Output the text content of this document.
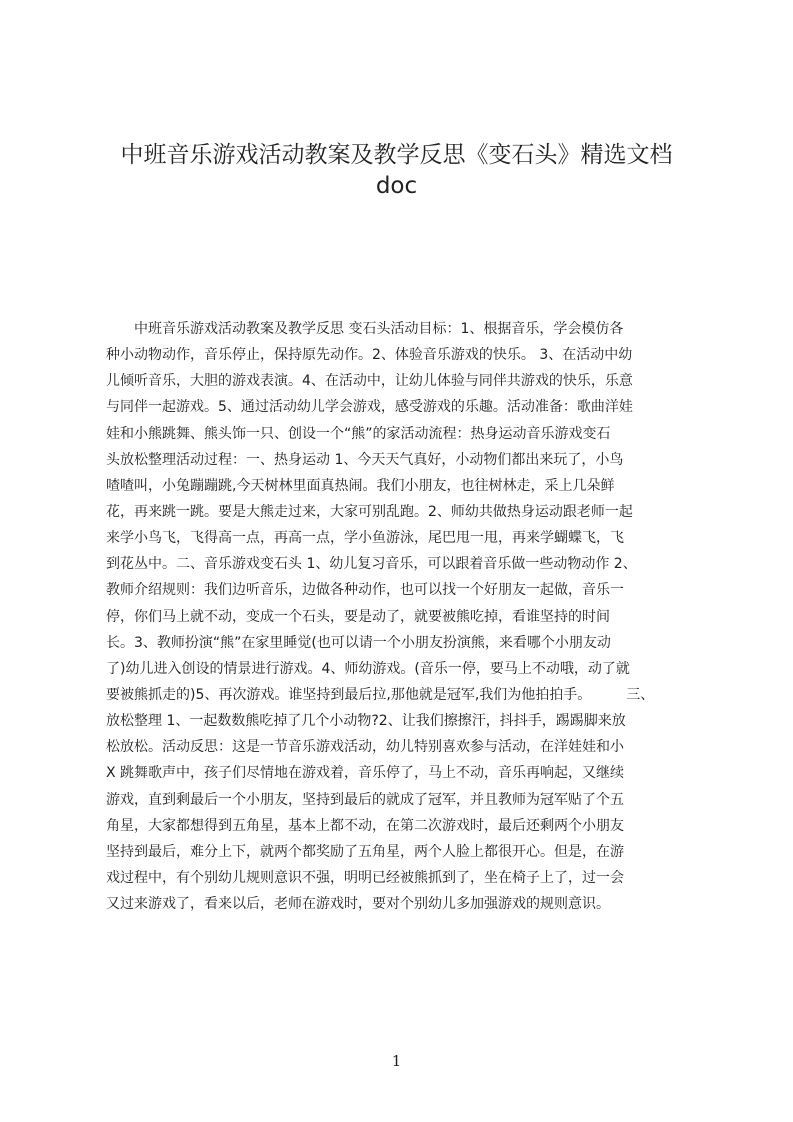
中班音乐游戏活动教案及教学反思《变石头》精选文档
doc
　　中班音乐游戏活动教案及教学反思 变石头活动目标：1、根据音乐，学会模仿各
种小动物动作，音乐停止，保持原先动作。2、体验音乐游戏的快乐。 3、在活动中幼
儿倾听音乐，大胆的游戏表演。4、在活动中，让幼儿体验与同伴共游戏的快乐，乐意
与同伴一起游戏。5、通过活动幼儿学会游戏，感受游戏的乐趣。活动准备：歌曲洋娃
娃和小熊跳舞、熊头饰一只、创设一个“熊”的家活动流程：热身运动音乐游戏变石
头放松整理活动过程：一、热身运动 1、今天天气真好，小动物们都出来玩了，小鸟
喳喳叫，小兔蹦蹦跳,今天树林里面真热闹。我们小朋友，也往树林走，采上几朵鲜
花，再来跳一跳。要是大熊走过来，大家可别乱跑。2、师幼共做热身运动跟老师一起
来学小鸟飞，飞得高一点，再高一点，学小鱼游泳，尾巴甩一甩，再来学蝴蝶飞，飞
到花丛中。二、音乐游戏变石头 1、幼儿复习音乐，可以跟着音乐做一些动物动作 2、
教师介绍规则：我们边听音乐，边做各种动作，也可以找一个好朋友一起做，音乐一
停，你们马上就不动，变成一个石头，要是动了，就要被熊吃掉，看谁坚持的时间
长。3、教师扮演“熊”在家里睡觉(也可以请一个小朋友扮演熊，来看哪个小朋友动
了)幼儿进入创设的情景进行游戏。4、师幼游戏。(音乐一停，要马上不动哦，动了就
要被熊抓走的)5、再次游戏。谁坚持到最后拉,那他就是冠军,我们为他拍拍手。　　　三、
放松整理 1、一起数数熊吃掉了几个小动物?2、让我们擦擦汗，抖抖手，踢踢脚来放
松放松。活动反思：这是一节音乐游戏活动，幼儿特别喜欢参与活动，在洋娃娃和小
X 跳舞歌声中，孩子们尽情地在游戏着，音乐停了，马上不动，音乐再响起，又继续
游戏，直到剩最后一个小朋友，坚持到最后的就成了冠军，并且教师为冠军贴了个五
角星，大家都想得到五角星，基本上都不动，在第二次游戏时，最后还剩两个小朋友
坚持到最后，难分上下，就两个都奖励了五角星，两个人脸上都很开心。但是，在游
戏过程中，有个别幼儿规则意识不强，明明已经被熊抓到了，坐在椅子上了，过一会
又过来游戏了，看来以后，老师在游戏时，要对个别幼儿多加强游戏的规则意识。
1
